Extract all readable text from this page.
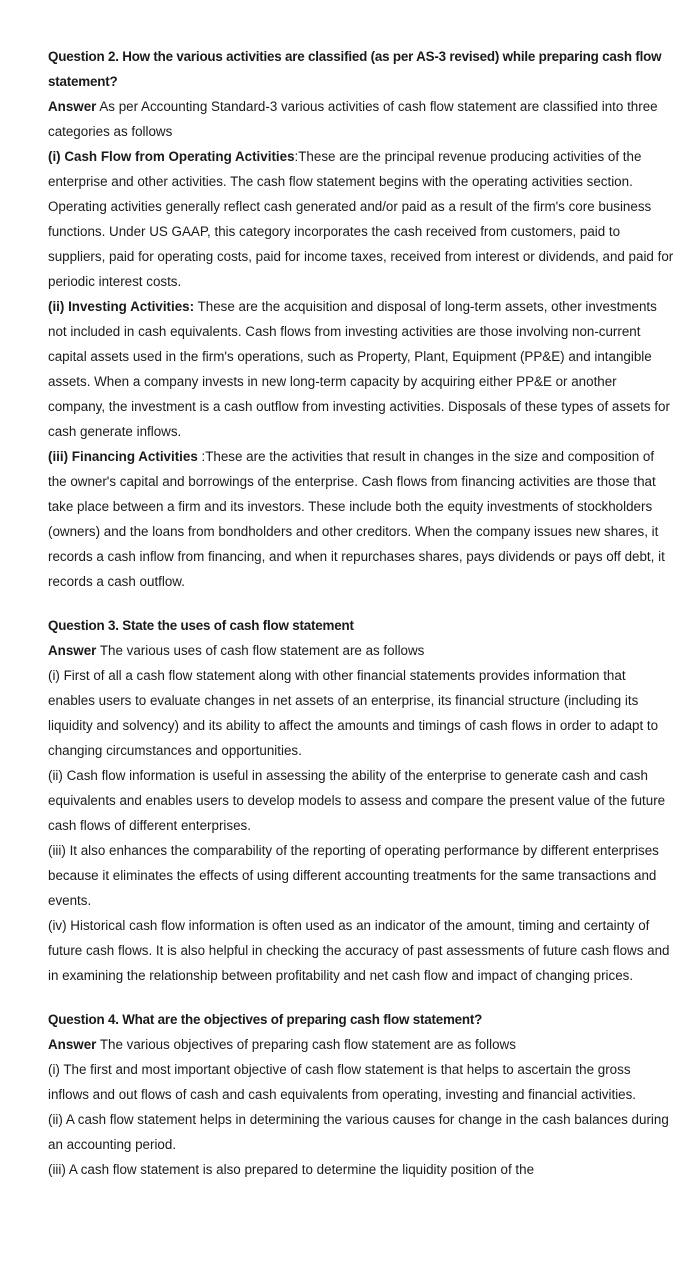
Question 2. How the various activities are classified (as per AS-3 revised) while preparing cash flow statement?

Answer As per Accounting Standard-3 various activities of cash flow statement are classified into three categories as follows

(i) Cash Flow from Operating Activities:These are the principal revenue producing activities of the enterprise and other activities. The cash flow statement begins with the operating activities section. Operating activities generally reflect cash generated and/or paid as a result of the firm's core business functions. Under US GAAP, this category incorporates the cash received from customers, paid to suppliers, paid for operating costs, paid for income taxes, received from interest or dividends, and paid for periodic interest costs.

(ii) Investing Activities: These are the acquisition and disposal of long-term assets, other investments not included in cash equivalents. Cash flows from investing activities are those involving non-current capital assets used in the firm's operations, such as Property, Plant, Equipment (PP&E) and intangible assets. When a company invests in new long-term capacity by acquiring either PP&E or another company, the investment is a cash outflow from investing activities. Disposals of these types of assets for cash generate inflows.

(iii) Financing Activities :These are the activities that result in changes in the size and composition of the owner's capital and borrowings of the enterprise. Cash flows from financing activities are those that take place between a firm and its investors. These include both the equity investments of stockholders (owners) and the loans from bondholders and other creditors. When the company issues new shares, it records a cash inflow from financing, and when it repurchases shares, pays dividends or pays off debt, it records a cash outflow.

Question 3. State the uses of cash flow statement

Answer The various uses of cash flow statement are as follows

(i) First of all a cash flow statement along with other financial statements provides information that enables users to evaluate changes in net assets of an enterprise, its financial structure (including its liquidity and solvency) and its ability to affect the amounts and timings of cash flows in order to adapt to changing circumstances and opportunities.

(ii) Cash flow information is useful in assessing the ability of the enterprise to generate cash and cash equivalents and enables users to develop models to assess and compare the present value of the future cash flows of different enterprises.

(iii) It also enhances the comparability of the reporting of operating performance by different enterprises because it eliminates the effects of using different accounting treatments for the same transactions and events.

(iv) Historical cash flow information is often used as an indicator of the amount, timing and certainty of future cash flows. It is also helpful in checking the accuracy of past assessments of future cash flows and in examining the relationship between profitability and net cash flow and impact of changing prices.

Question 4. What are the objectives of preparing cash flow statement?

Answer The various objectives of preparing cash flow statement are as follows

(i) The first and most important objective of cash flow statement is that helps to ascertain the gross inflows and out flows of cash and cash equivalents from operating, investing and financial activities.

(ii) A cash flow statement helps in determining the various causes for change in the cash balances during an accounting period.

(iii) A cash flow statement is also prepared to determine the liquidity position of the
